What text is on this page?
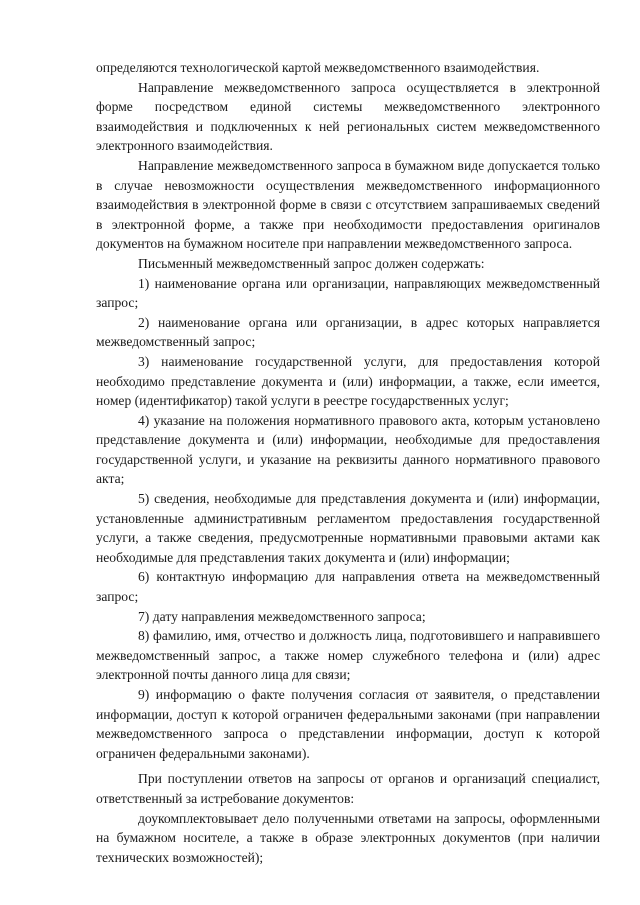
определяются технологической картой межведомственного взаимодействия.

Направление межведомственного запроса осуществляется в электронной форме посредством единой системы межведомственного электронного взаимодействия и подключенных к ней региональных систем межведомственного электронного взаимодействия.

Направление межведомственного запроса в бумажном виде допускается только в случае невозможности осуществления межведомственного информационного взаимодействия в электронной форме в связи с отсутствием запрашиваемых сведений в электронной форме, а также при необходимости предоставления оригиналов документов на бумажном носителе при направлении межведомственного запроса.

Письменный межведомственный запрос должен содержать:

1) наименование органа или организации, направляющих межведомственный запрос;

2) наименование органа или организации, в адрес которых направляется межведомственный запрос;

3) наименование государственной услуги, для предоставления которой необходимо представление документа и (или) информации, а также, если имеется, номер (идентификатор) такой услуги в реестре государственных услуг;

4) указание на положения нормативного правового акта, которым установлено представление документа и (или) информации, необходимые для предоставления государственной услуги, и указание на реквизиты данного нормативного правового акта;

5) сведения, необходимые для представления документа и (или) информации, установленные административным регламентом предоставления государственной услуги, а также сведения, предусмотренные нормативными правовыми актами как необходимые для представления таких документа и (или) информации;

6) контактную информацию для направления ответа на межведомственный запрос;

7) дату направления межведомственного запроса;

8) фамилию, имя, отчество и должность лица, подготовившего и направившего межведомственный запрос, а также номер служебного телефона и (или) адрес электронной почты данного лица для связи;

9) информацию о факте получения согласия от заявителя, о представлении информации, доступ к которой ограничен федеральными законами (при направлении межведомственного запроса о представлении информации, доступ к которой ограничен федеральными законами).

При поступлении ответов на запросы от органов и организаций специалист, ответственный за истребование документов:

доукомплектовывает дело полученными ответами на запросы, оформленными на бумажном носителе, а также в образе электронных документов (при наличии технических возможностей);
